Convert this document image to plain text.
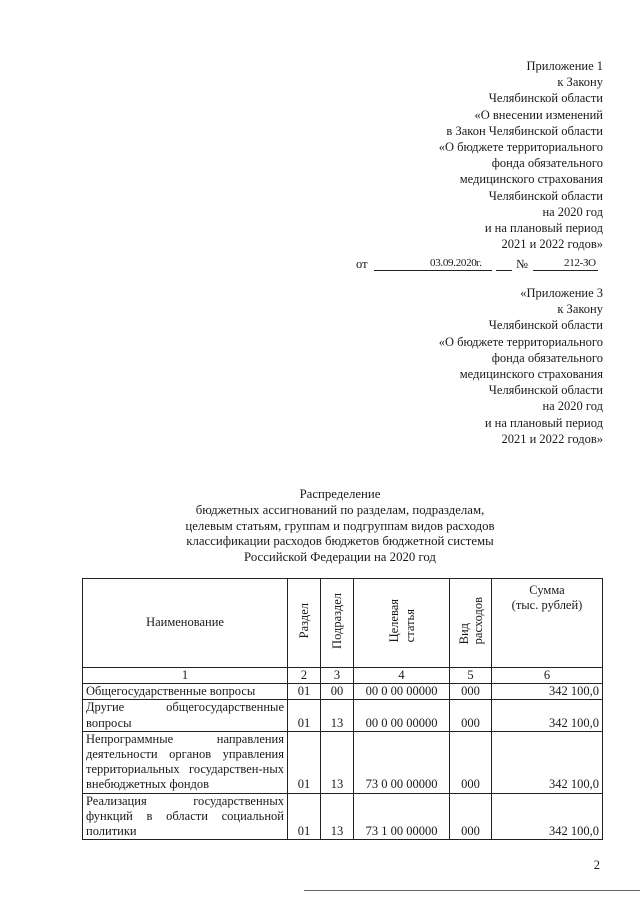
Приложение 1
к Закону
Челябинской области
«О внесении изменений
в Закон Челябинской области
«О бюджете территориального
фонда обязательного
медицинского страхования
Челябинской области
на 2020 год
и на плановый период
2021 и 2022 годов»
от	03.09.2020 г.	№	212-ЗО
«Приложение 3
к Закону
Челябинской области
«О бюджете территориального
фонда обязательного
медицинского страхования
Челябинской области
на 2020 год
и на плановый период
2021 и 2022 годов»
Распределение
бюджетных ассигнований по разделам, подразделам,
целевым статьям, группам и подгруппам видов расходов
классификации расходов бюджетов бюджетной системы
Российской Федерации на 2020 год
Наименование	Раздел	Подраздел	Целевая статья	Видрасходов	Сумма
(тыс. рублей)

1	2	3	4	5	6
Общегосударственные вопросы	01	00	00 0 00 00000	000	342 100,0
Другие общегосударственные вопросы	01	13	00 0 00 00000	000	342 100,0
Непрограммные направления деятельности органов управления территориальных государствен-ных внебюджетных фондов	01	13	73 0 00 00000	000	342 100,0
Реализация государственных функций в области социальной политики	01	13	73 1 00 00000	000	342 100,0
2
